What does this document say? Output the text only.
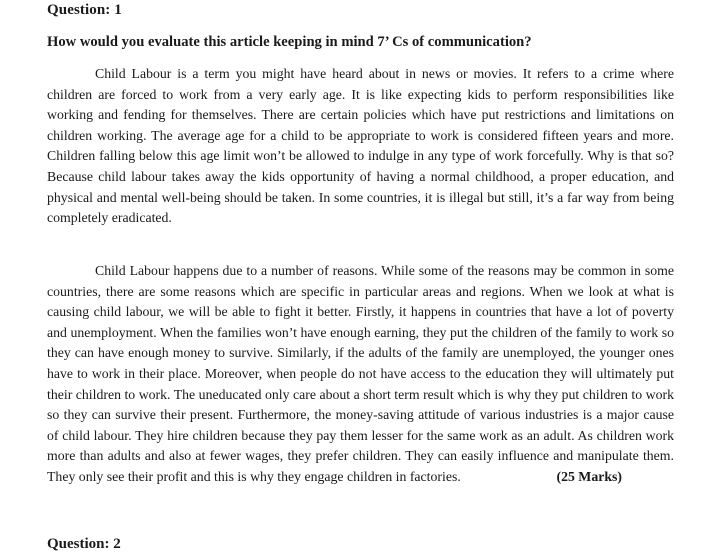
Question: 1
How would you evaluate this article keeping in mind 7’ Cs of communication?

Child Labour is a term you might have heard about in news or movies. It refers to a crime where children are forced to work from a very early age. It is like expecting kids to perform responsibilities like working and fending for themselves. There are certain policies which have put restrictions and limitations on children working. The average age for a child to be appropriate to work is considered fifteen years and more. Children falling below this age limit won’t be allowed to indulge in any type of work forcefully. Why is that so? Because child labour takes away the kids opportunity of having a normal childhood, a proper education, and physical and mental well-being should be taken. In some countries, it is illegal but still, it’s a far way from being completely eradicated.

Child Labour happens due to a number of reasons. While some of the reasons may be common in some countries, there are some reasons which are specific in particular areas and regions. When we look at what is causing child labour, we will be able to fight it better. Firstly, it happens in countries that have a lot of poverty and unemployment. When the families won’t have enough earning, they put the children of the family to work so they can have enough money to survive. Similarly, if the adults of the family are unemployed, the younger ones have to work in their place. Moreover, when people do not have access to the education they will ultimately put their children to work. The uneducated only care about a short term result which is why they put children to work so they can survive their present. Furthermore, the money-saving attitude of various industries is a major cause of child labour. They hire children because they pay them lesser for the same work as an adult. As children work more than adults and also at fewer wages, they prefer children. They can easily influence and manipulate them. They only see their profit and this is why they engage children in factories.	(25 Marks)

Question: 2
